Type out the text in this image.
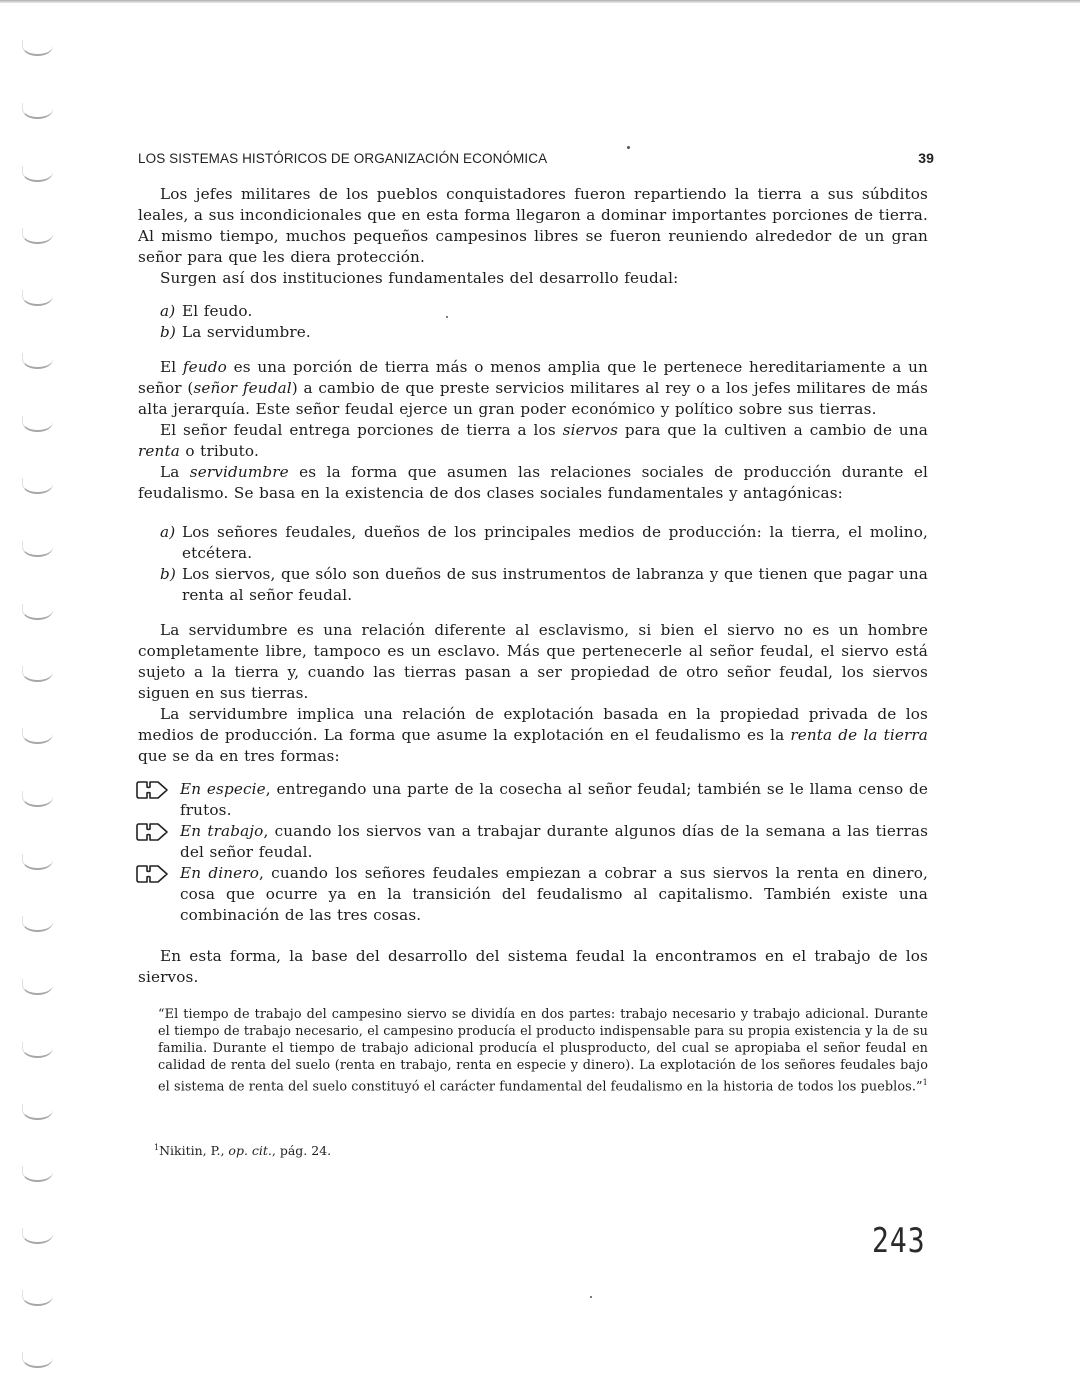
LOS SISTEMAS HISTÓRICOS DE ORGANIZACIÓN ECONÓMICA	39

Los jefes militares de los pueblos conquistadores fueron repartiendo la tierra a sus súbditos leales, a sus incondicionales que en esta forma llegaron a dominar importantes porciones de tierra. Al mismo tiempo, muchos pequeños campesinos libres se fueron reuniendo alrededor de un gran señor para que les diera protección.

Surgen así dos instituciones fundamentales del desarrollo feudal:

a) El feudo.
b) La servidumbre.

El feudo es una porción de tierra más o menos amplia que le pertenece hereditariamente a un señor (señor feudal) a cambio de que preste servicios militares al rey o a los jefes militares de más alta jerarquía. Este señor feudal ejerce un gran poder económico y político sobre sus tierras.

El señor feudal entrega porciones de tierra a los siervos para que la cultiven a cambio de una renta o tributo.

La servidumbre es la forma que asumen las relaciones sociales de producción durante el feudalismo. Se basa en la existencia de dos clases sociales fundamentales y antagónicas:

a) Los señores feudales, dueños de los principales medios de producción: la tierra, el molino, etcétera.
b) Los siervos, que sólo son dueños de sus instrumentos de labranza y que tienen que pagar una renta al señor feudal.

La servidumbre es una relación diferente al esclavismo, si bien el siervo no es un hombre completamente libre, tampoco es un esclavo. Más que pertenecerle al señor feudal, el siervo está sujeto a la tierra y, cuando las tierras pasan a ser propiedad de otro señor feudal, los siervos siguen en sus tierras.

La servidumbre implica una relación de explotación basada en la propiedad privada de los medios de producción. La forma que asume la explotación en el feudalismo es la renta de la tierra que se da en tres formas:

En especie, entregando una parte de la cosecha al señor feudal; también se le llama censo de frutos.
En trabajo, cuando los siervos van a trabajar durante algunos días de la semana a las tierras del señor feudal.
En dinero, cuando los señores feudales empiezan a cobrar a sus siervos la renta en dinero, cosa que ocurre ya en la transición del feudalismo al capitalismo. También existe una combinación de las tres cosas.

En esta forma, la base del desarrollo del sistema feudal la encontramos en el trabajo de los siervos.

“El tiempo de trabajo del campesino siervo se dividía en dos partes: trabajo necesario y trabajo adicional. Durante el tiempo de trabajo necesario, el campesino producía el producto indispensable para su propia existencia y la de su familia. Durante el tiempo de trabajo adicional producía el plusproducto, del cual se apropiaba el señor feudal en calidad de renta del suelo (renta en trabajo, renta en especie y dinero). La explotación de los señores feudales bajo el sistema de renta del suelo constituyó el carácter fundamental del feudalismo en la historia de todos los pueblos.”$^1$
$^1$Nikitin, P., op. cit., pág. 24.
243
